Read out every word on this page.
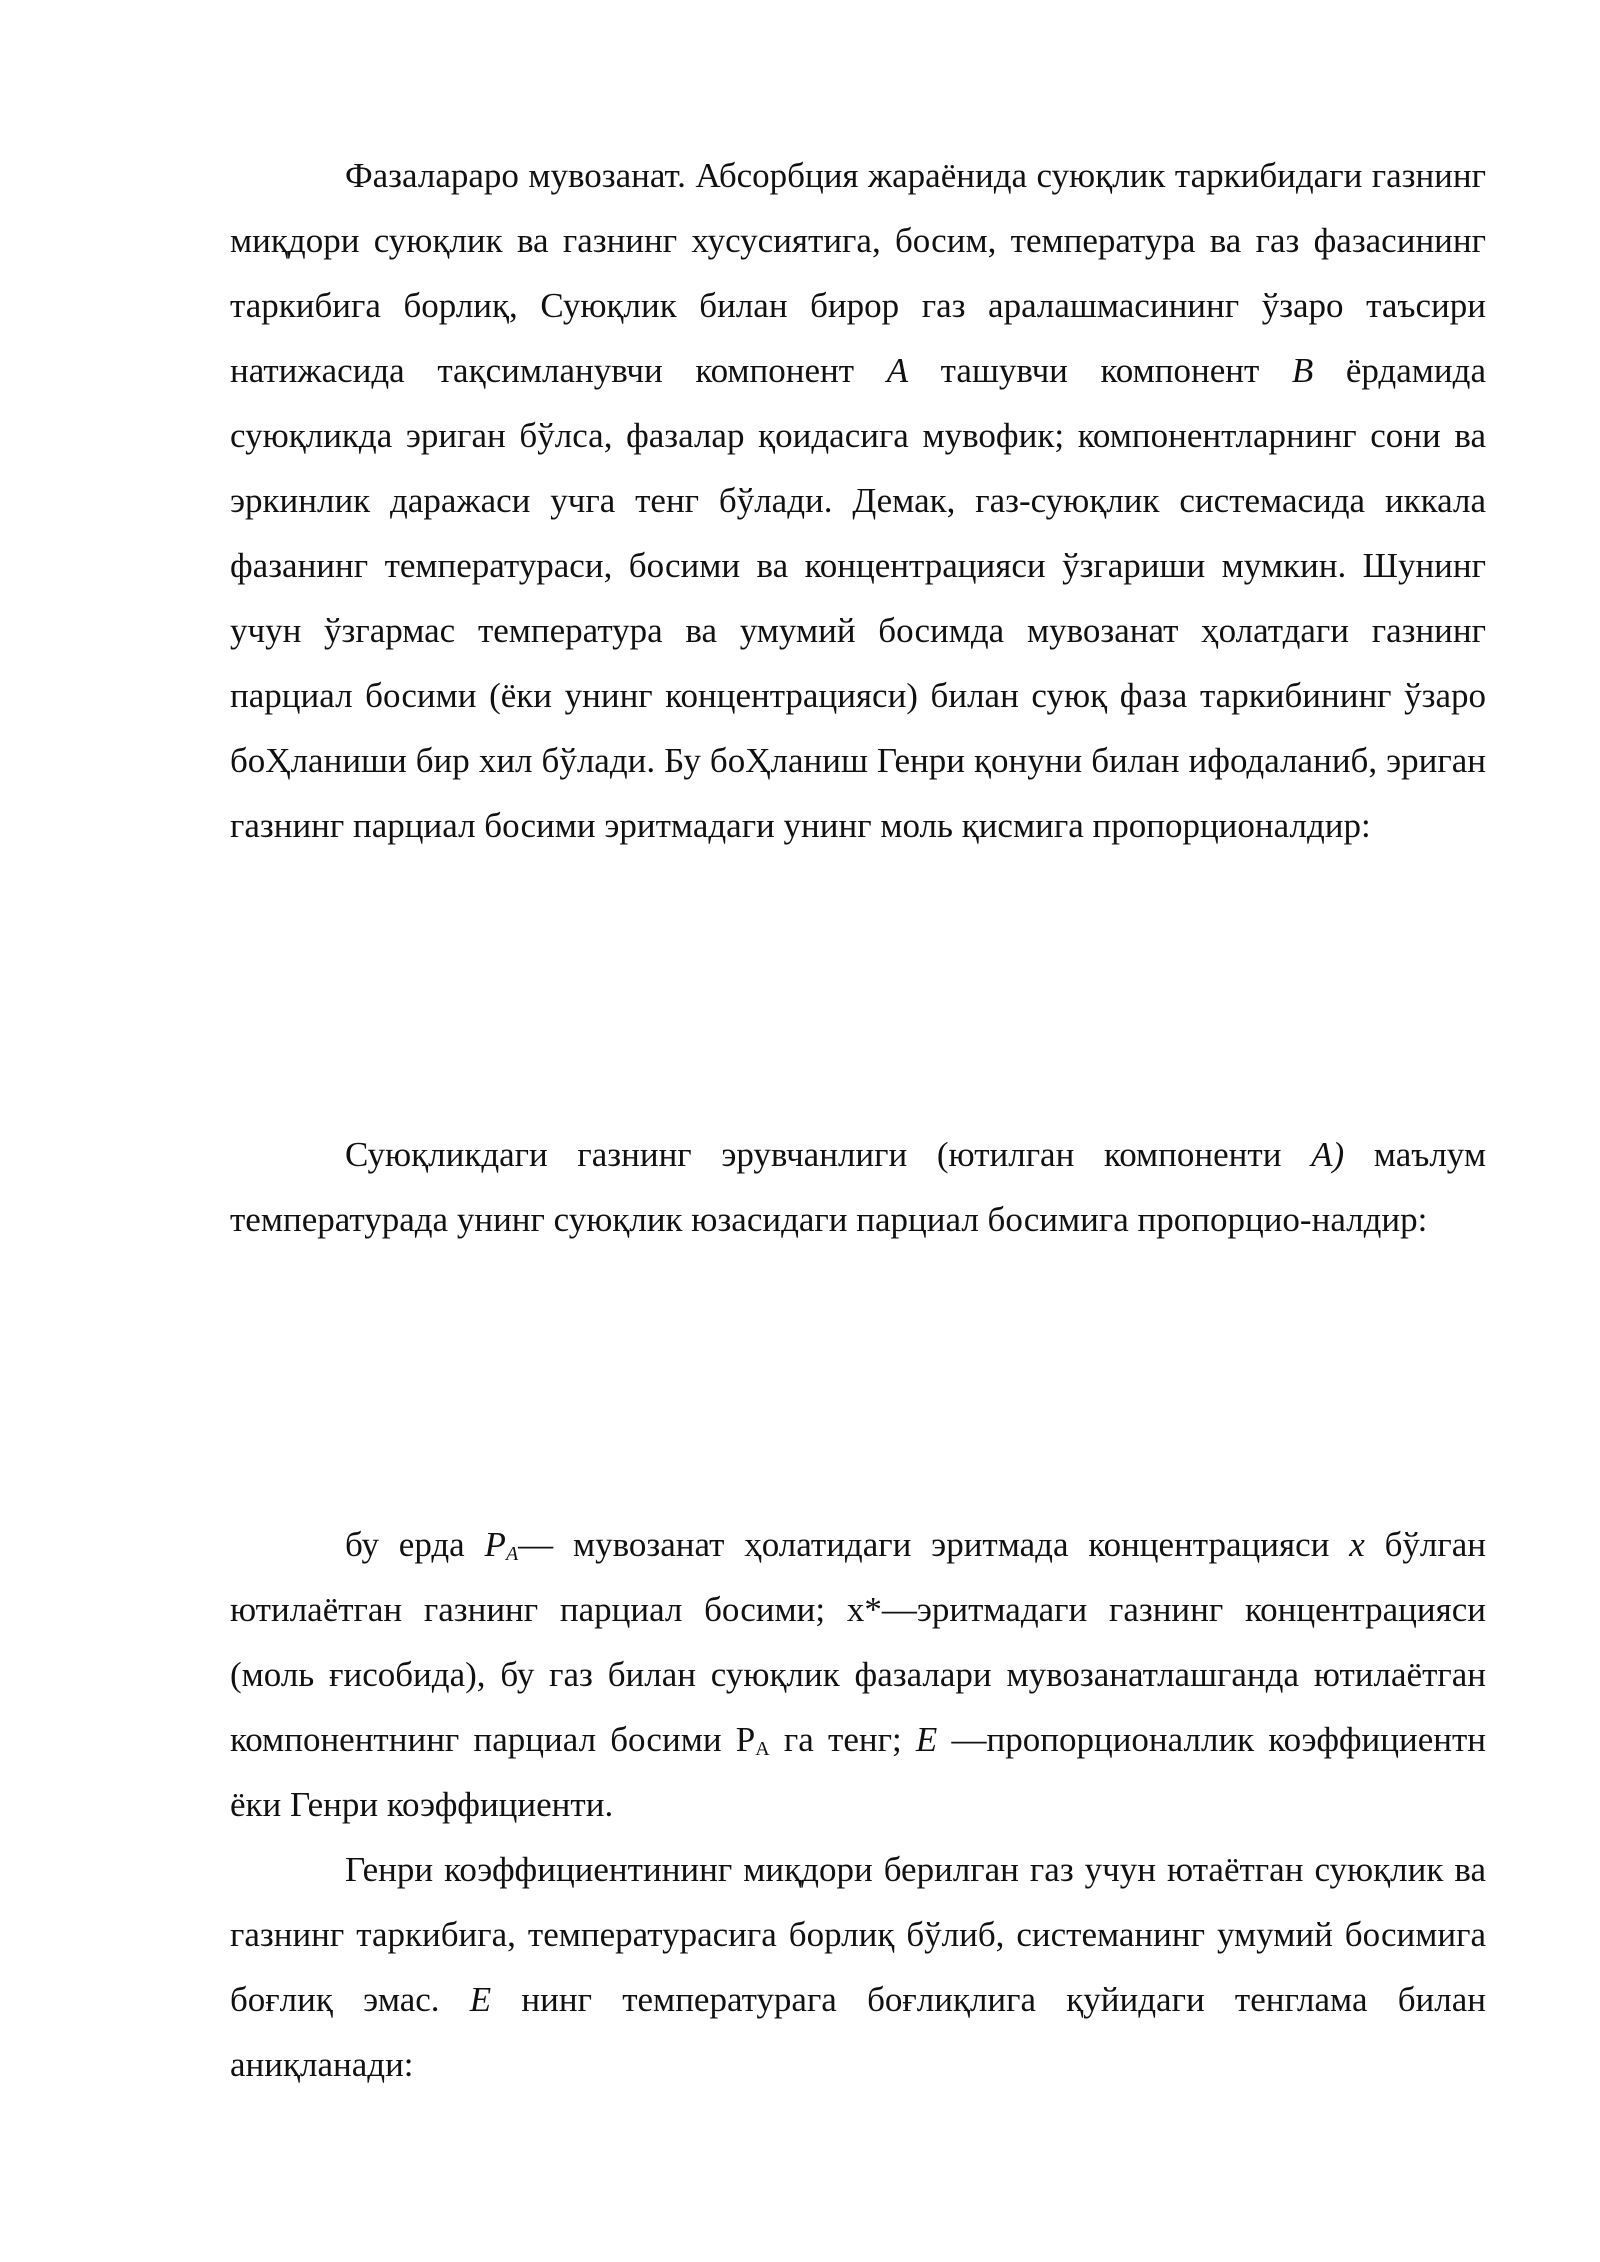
Фазалараро мувозанат. Абсорбция жараёнида суюқлик таркибидаги газнинг миқдори суюқлик ва газнинг хусусиятига, босим, температура ва газ фазасининг таркибига борлиқ, Суюқлик билан бирор газ аралашмасининг ўзаро таъсири натижасида тақсимланувчи компонент А ташувчи компонент В ёрдамида суюқликда эриган бўлса, фазалар қоидасига мувофик; компонентларнинг сони ва эркинлик даражаси учга тенг бўлади. Демак, газ-суюқлик системасида иккала фазанинг температураси, босими ва концентрацияси ўзгариши мумкин. Шунинг учун ўзгармас температура ва умумий босимда мувозанат ҳолатдаги газнинг парциал босими (ёки унинг концентрацияси) билан суюқ фаза таркибининг ўзаро боҲланиши бир хил бўлади. Бу боҲланиш Генри қонуни билан ифодаланиб, эриган газнинг парциал босими эритмадаги унинг моль қисмига пропорционалдир:

Суюқликдаги газнинг эрувчанлиги (ютилган компоненти А) маълум температурада унинг суюқлик юзасидаги парциал босимига пропорцио-налдир:

бу ерда $Р_А—$ мувозанат ҳолатидаги эритмада концентрацияси х бўлган ютилаётган газнинг парциал босими; х*—эритмадаги газнинг концентрацияси (моль ғисобида), бу газ билан суюқлик фазалари мувозанатлашганда ютилаётган компонентнинг парциал босими $Р_А$ га тенг; Е —пропорционаллик коэффициентн ёки Генри коэффициенти.

Генри коэффициентининг миқдори берилган газ учун ютаётган суюқлик ва газнинг таркибига, температурасига борлиқ бўлиб, системанинг умумий босимига боғлиқ эмас. Е нинг температурага боғлиқлига қуйидаги тенглама билан аниқланади:
